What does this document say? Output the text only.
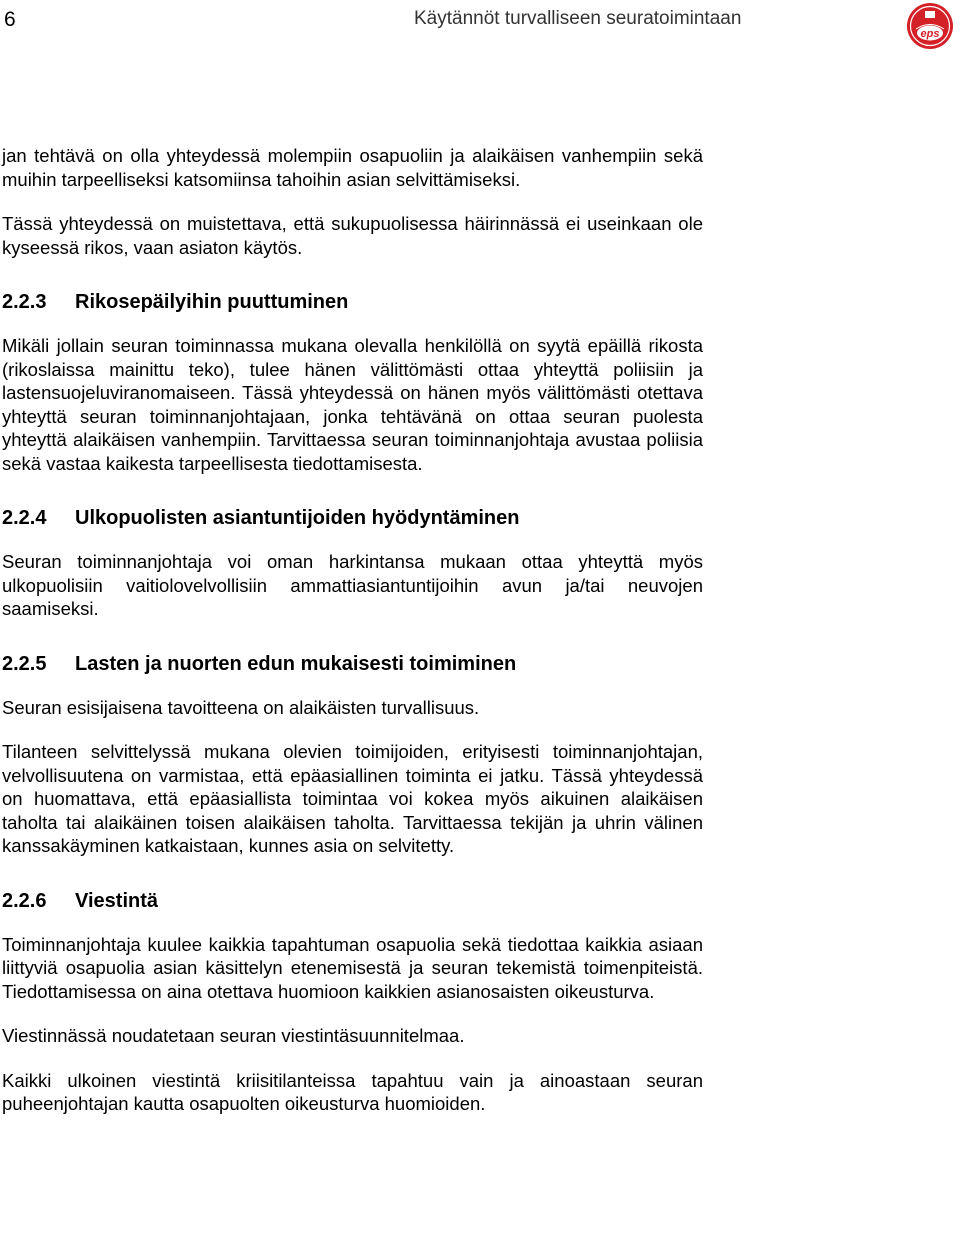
6	Käytännöt turvalliseen seuratoimintaan
eps

jan tehtävä on olla yhteydessä molempiin osapuoliin ja alaikäisen vanhempiin sekä muihin tarpeelliseksi katsomiinsa tahoihin asian selvittämiseksi.

Tässä yhteydessä on muistettava, että sukupuolisessa häirinnässä ei useinkaan ole kyseessä rikos, vaan asiaton käytös.

2.2.3 Rikosepäilyihin puuttuminen

Mikäli jollain seuran toiminnassa mukana olevalla henkilöllä on syytä epäillä rikosta (rikoslaissa mainittu teko), tulee hänen välittömästi ottaa yhteyttä poliisiin ja lastensuojeluviranomaiseen. Tässä yhteydessä on hänen myös välittömästi otettava yhteyttä seuran toiminnanjohtajaan, jonka tehtävänä on ottaa seuran puolesta yhteyttä alaikäisen vanhempiin. Tarvittaessa seuran toiminnanjohtaja avustaa poliisia sekä vastaa kaikesta tarpeellisesta tiedottamisesta.

2.2.4 Ulkopuolisten asiantuntijoiden hyödyntäminen

Seuran toiminnanjohtaja voi oman harkintansa mukaan ottaa yhteyttä myös ulkopuolisiin vaitiolovelvollisiin ammattiasiantuntijoihin avun ja/tai neuvojen saamiseksi.

2.2.5 Lasten ja nuorten edun mukaisesti toimiminen

Seuran esisijaisena tavoitteena on alaikäisten turvallisuus.

Tilanteen selvittelyssä mukana olevien toimijoiden, erityisesti toiminnanjohtajan, velvollisuutena on varmistaa, että epäasiallinen toiminta ei jatku. Tässä yhteydessä on huomattava, että epäasiallista toimintaa voi kokea myös aikuinen alaikäisen taholta tai alaikäinen toisen alaikäisen taholta. Tarvittaessa tekijän ja uhrin välinen kanssakäyminen katkaistaan, kunnes asia on selvitetty.

2.2.6 Viestintä

Toiminnanjohtaja kuulee kaikkia tapahtuman osapuolia sekä tiedottaa kaikkia asiaan liittyviä osapuolia asian käsittelyn etenemisestä ja seuran tekemistä toimenpiteistä. Tiedottamisessa on aina otettava huomioon kaikkien asianosaisten oikeusturva.

Viestinnässä noudatetaan seuran viestintäsuunnitelmaa.

Kaikki ulkoinen viestintä kriisitilanteissa tapahtuu vain ja ainoastaan seuran puheenjohtajan kautta osapuolten oikeusturva huomioiden.
